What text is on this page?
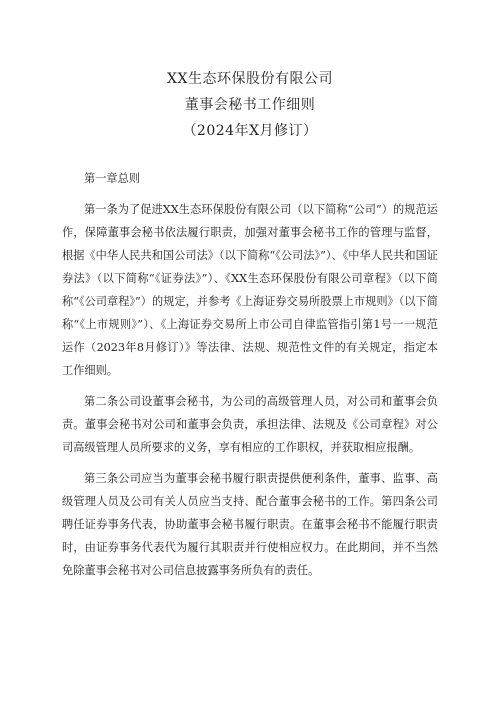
XX生态环保股份有限公司
董事会秘书工作细则
（2024年X月修订）

第一章总则

第一条为了促进XX生态环保股份有限公司（以下简称“公司”）的规范运作，保障董事会秘书依法履行职责，加强对董事会秘书工作的管理与监督，根据《中华人民共和国公司法》（以下简称“《公司法》”）、《中华人民共和国证券法》（以下简称“《证券法》”）、《XX生态环保股份有限公司章程》（以下简称“《公司章程》”）的规定，并参考《上海证券交易所股票上市规则》（以下简称“《上市规则》”）、《上海证券交易所上市公司自律监管指引第1号一一规范运作（2023年8月修订）》等法律、法规、规范性文件的有关规定，指定本工作细则。

第二条公司设董事会秘书，为公司的高级管理人员，对公司和董事会负责。董事会秘书对公司和董事会负责，承担法律、法规及《公司章程》对公司高级管理人员所要求的义务，享有相应的工作职权，并获取相应报酬。

第三条公司应当为董事会秘书履行职责提供便利条件，董事、监事、高级管理人员及公司有关人员应当支持、配合董事会秘书的工作。第四条公司聘任证券事务代表，协助董事会秘书履行职责。在董事会秘书不能履行职责时，由证券事务代表代为履行其职责并行使相应权力。在此期间，并不当然免除董事会秘书对公司信息披露事务所负有的责任。
